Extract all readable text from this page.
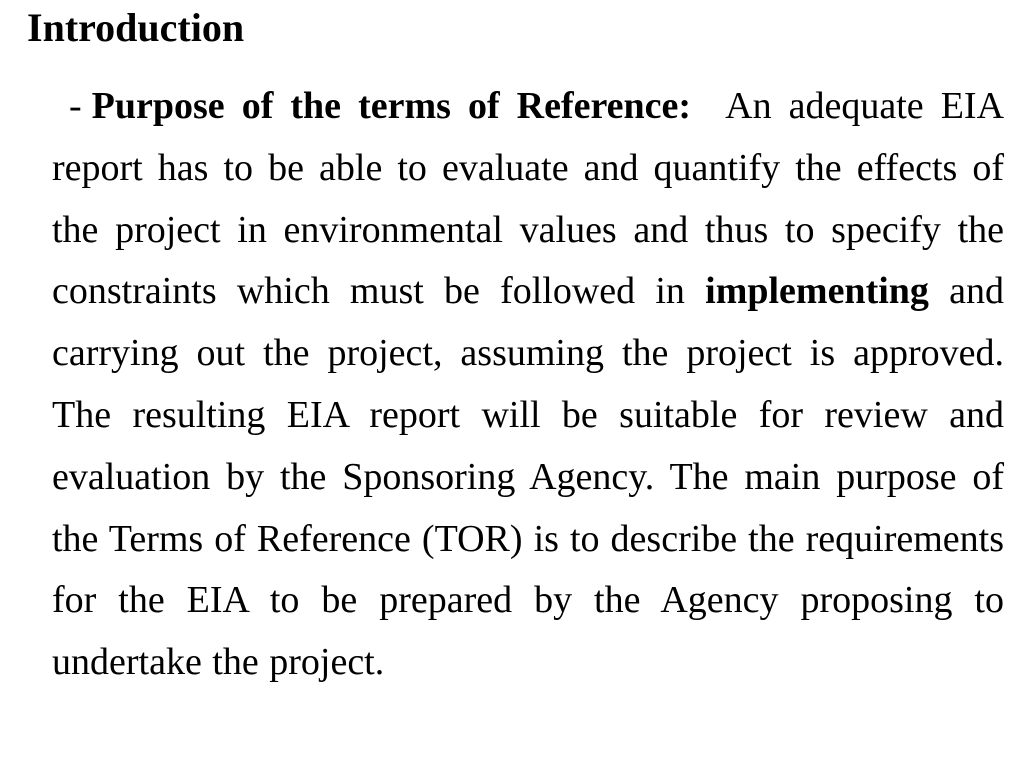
Introduction

- Purpose of the terms of Reference: An adequate EIA report has to be able to evaluate and quantify the effects of the project in environmental values and thus to specify the constraints which must be followed in implementing and carrying out the project, assuming the project is approved. The resulting EIA report will be suitable for review and evaluation by the Sponsoring Agency. The main purpose of the Terms of Reference (TOR) is to describe the requirements for the EIA to be prepared by the Agency proposing to undertake the project.
